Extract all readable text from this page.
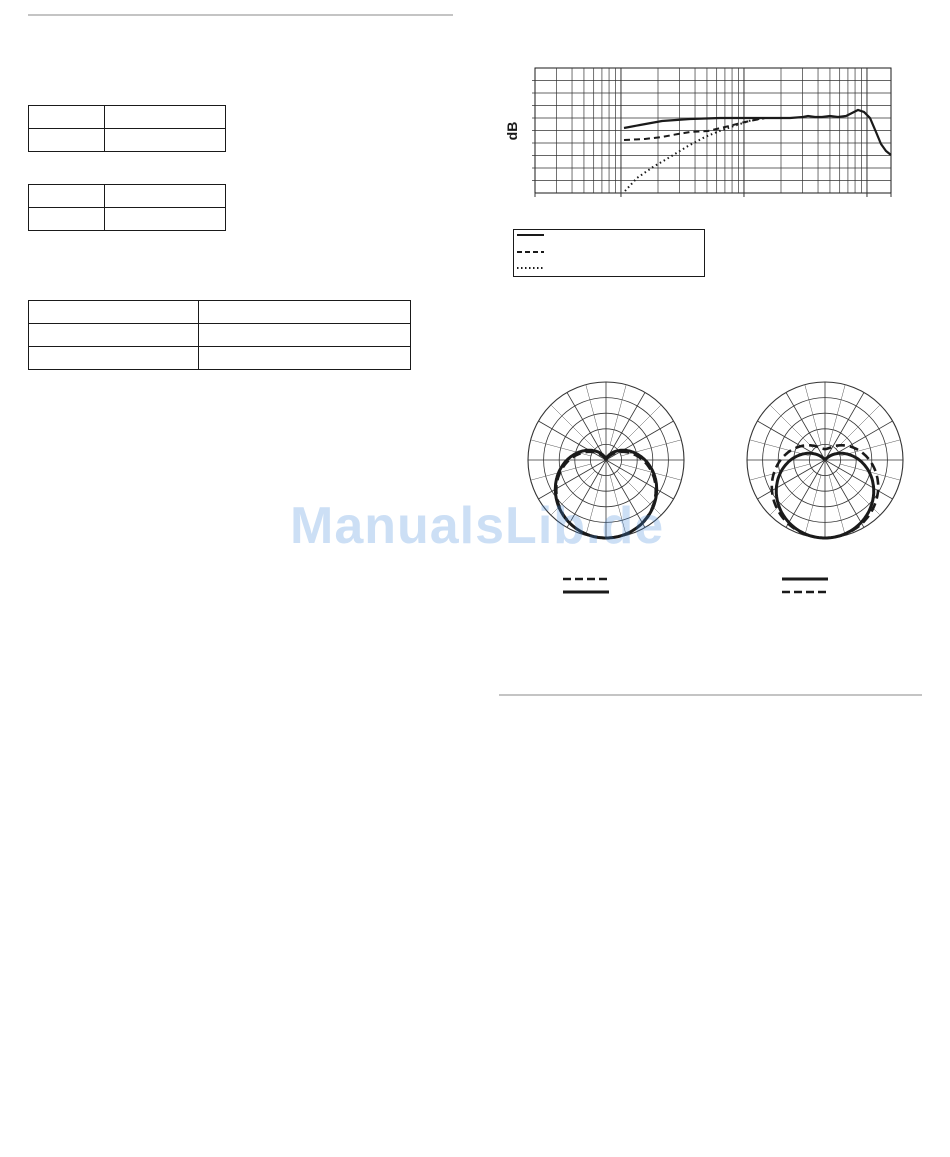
dB
ManualsLib.de
